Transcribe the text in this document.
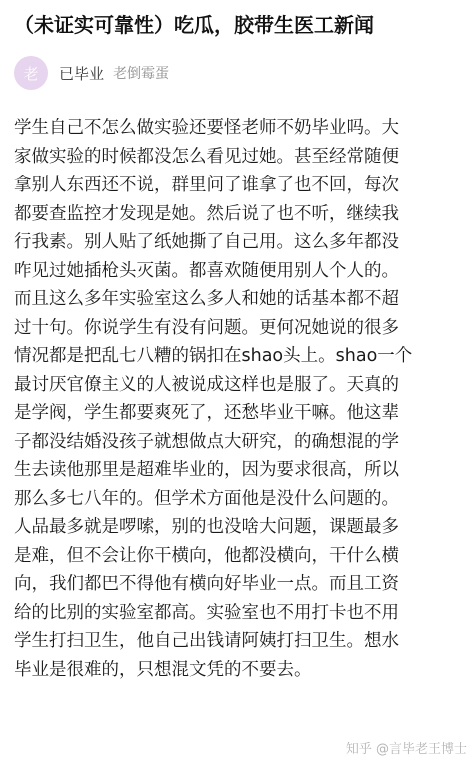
（未证实可靠性）吃瓜，胶带生医工新闻
老	已毕业 老倒霉蛋
学生自己不怎么做实验还要怪老师不奶毕业吗。大
家做实验的时候都没怎么看见过她。甚至经常随便
拿别人东西还不说，群里问了谁拿了也不回，每次
都要查监控才发现是她。然后说了也不听，继续我
行我素。别人贴了纸她撕了自己用。这么多年都没
咋见过她插枪头灭菌。都喜欢随便用别人个人的。
而且这么多年实验室这么多人和她的话基本都不超
过十句。你说学生有没有问题。更何况她说的很多
情况都是把乱七八糟的锅扣在shao头上。shao一个
最讨厌官僚主义的人被说成这样也是服了。天真的
是学阀，学生都要爽死了，还愁毕业干嘛。他这辈
子都没结婚没孩子就想做点大研究，的确想混的学
生去读他那里是超难毕业的，因为要求很高，所以
那么多七八年的。但学术方面他是没什么问题的。
人品最多就是啰嗦，别的也没啥大问题，课题最多
是难，但不会让你干横向，他都没横向，干什么横
向，我们都巴不得他有横向好毕业一点。而且工资
给的比别的实验室都高。实验室也不用打卡也不用
学生打扫卫生，他自己出钱请阿姨打扫卫生。想水
毕业是很难的，只想混文凭的不要去。
知乎 @言毕老王博士
